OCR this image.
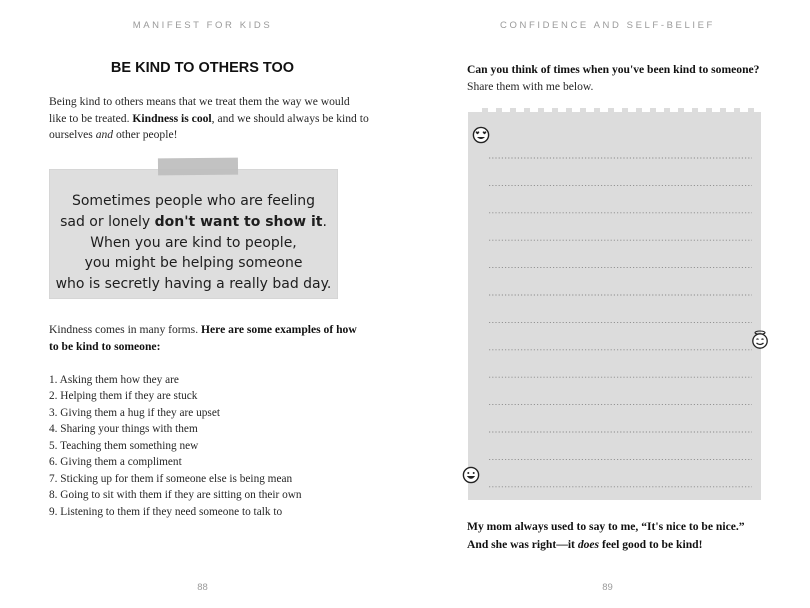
MANIFEST FOR KIDS
BE KIND TO OTHERS TOO
Being kind to others means that we treat them the way we would like to be treated. Kindness is cool, and we should always be kind to ourselves and other people!
Sometimes people who are feeling
sad or lonely don't want to show it.
When you are kind to people,
you might be helping someone
who is secretly having a really bad day.
Kindness comes in many forms. Here are some examples of how to be kind to someone:
1. Asking them how they are
2. Helping them if they are stuck
3. Giving them a hug if they are upset
4. Sharing your things with them
5. Teaching them something new
6. Giving them a compliment
7. Sticking up for them if someone else is being mean
8. Going to sit with them if they are sitting on their own
9. Listening to them if they need someone to talk to
88
CONFIDENCE AND SELF-BELIEF
Can you think of times when you've been kind to someone?
Share them with me below.
My mom always used to say to me, “It's nice to be nice.”
And she was right—it does feel good to be kind!
89
